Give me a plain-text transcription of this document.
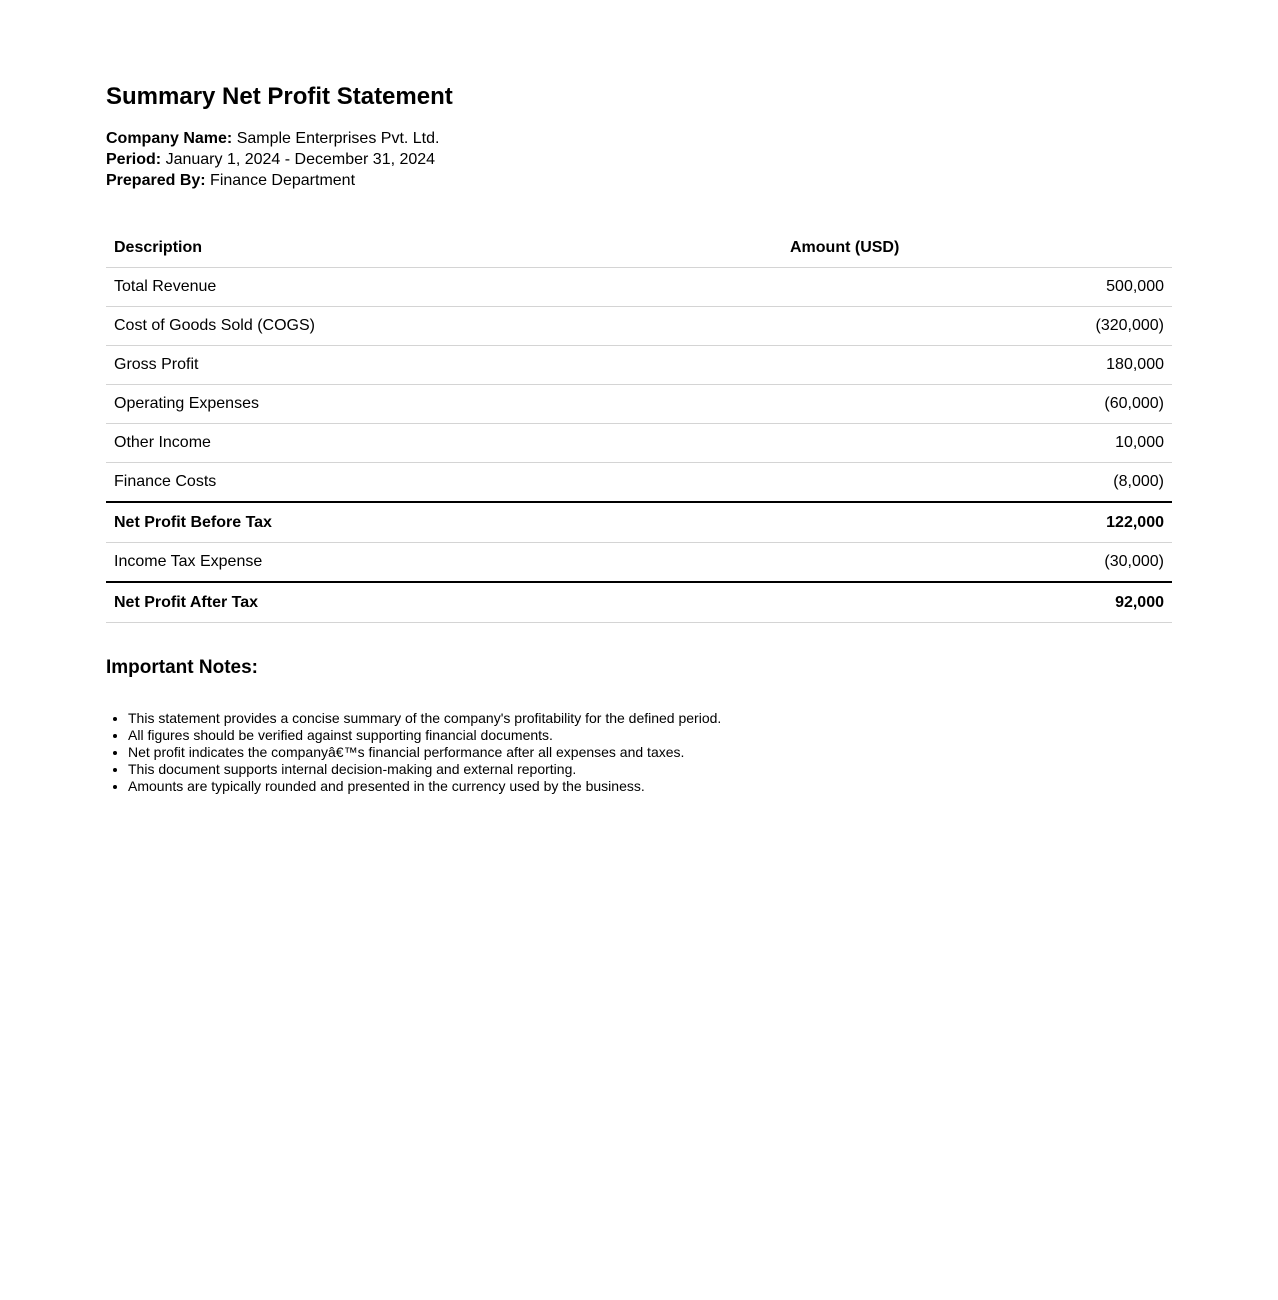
Summary Net Profit Statement
Company Name: Sample Enterprises Pvt. Ltd.
Period: January 1, 2024 - December 31, 2024
Prepared By: Finance Department
Description	Amount (USD)
Total Revenue	500,000
Cost of Goods Sold (COGS)	(320,000)
Gross Profit	180,000
Operating Expenses	(60,000)
Other Income	10,000
Finance Costs	(8,000)
Net Profit Before Tax	122,000
Income Tax Expense	(30,000)
Net Profit After Tax	92,000
Important Notes:
• This statement provides a concise summary of the company's profitability for the defined period.
• All figures should be verified against supporting financial documents.
• Net profit indicates the companyâ€™s financial performance after all expenses and taxes.
• This document supports internal decision-making and external reporting.
• Amounts are typically rounded and presented in the currency used by the business.
